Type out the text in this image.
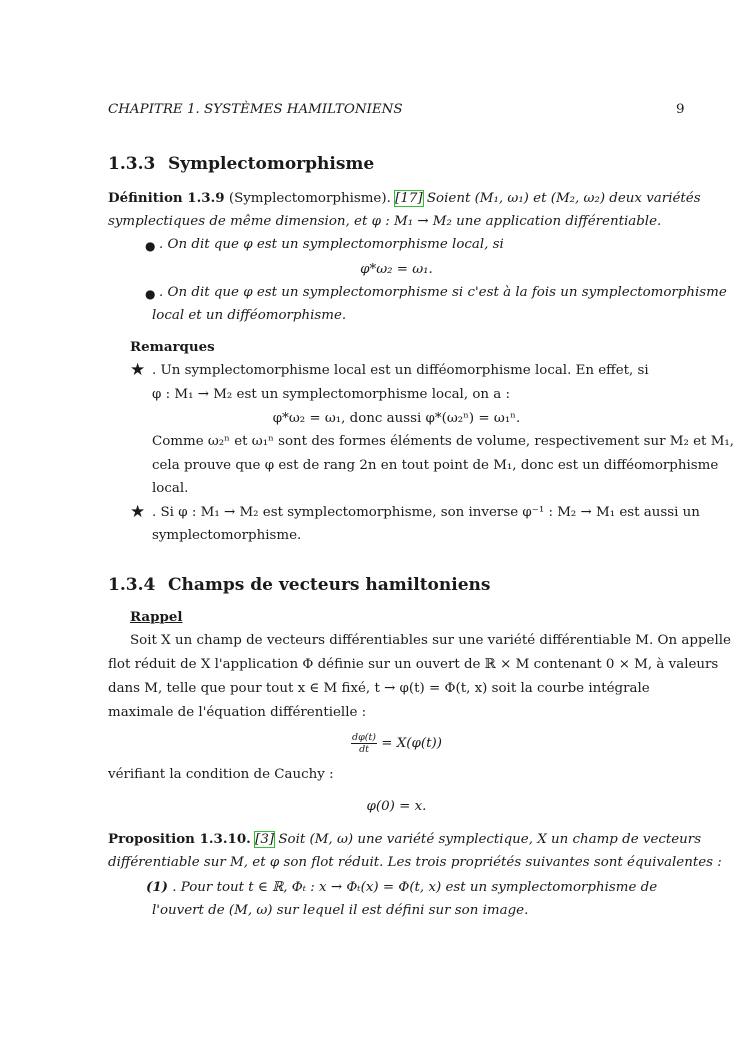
CHAPITRE 1. SYSTÈMES HAMILTONIENS	9
1.3.3 Symplectomorphisme
Définition 1.3.9 (Symplectomorphisme). [17] Soient (M₁, ω₁) et (M₂, ω₂) deux variétés
symplectiques de même dimension, et φ : M₁ → M₂ une application différentiable.
● . On dit que φ est un symplectomorphisme local, si
φ*ω₂ = ω₁.
● . On dit que φ est un symplectomorphisme si c'est à la fois un symplectomorphisme
local et un difféomorphisme.
Remarques
★ . Un symplectomorphisme local est un difféomorphisme local. En effet, si
φ : M₁ → M₂ est un symplectomorphisme local, on a :
φ*ω₂ = ω₁, donc aussi φ*(ω₂ⁿ) = ω₁ⁿ.
Comme ω₂ⁿ et ω₁ⁿ sont des formes éléments de volume, respectivement sur M₂ et M₁,
cela prouve que φ est de rang 2n en tout point de M₁, donc est un difféomorphisme
local.
★ . Si φ : M₁ → M₂ est symplectomorphisme, son inverse φ⁻¹ : M₂ → M₁ est aussi un
symplectomorphisme.
1.3.4 Champs de vecteurs hamiltoniens
Rappel
Soit X un champ de vecteurs différentiables sur une variété différentiable M. On appelle
flot réduit de X l'application Φ définie sur un ouvert de ℝ × M contenant 0 × M, à valeurs
dans M, telle que pour tout x ∈ M fixé, t → φ(t) = Φ(t, x) soit la courbe intégrale
maximale de l'équation différentielle :
$\frac{d\varphi(t)}{dt} = X(\varphi(t))$
vérifiant la condition de Cauchy :
φ(0) = x.
Proposition 1.3.10. [3] Soit (M, ω) une variété symplectique, X un champ de vecteurs
différentiable sur M, et φ son flot réduit. Les trois propriétés suivantes sont équivalentes :
(1) . Pour tout t ∈ ℝ, Φₜ : x → Φₜ(x) = Φ(t, x) est un symplectomorphisme de
l'ouvert de (M, ω) sur lequel il est défini sur son image.
